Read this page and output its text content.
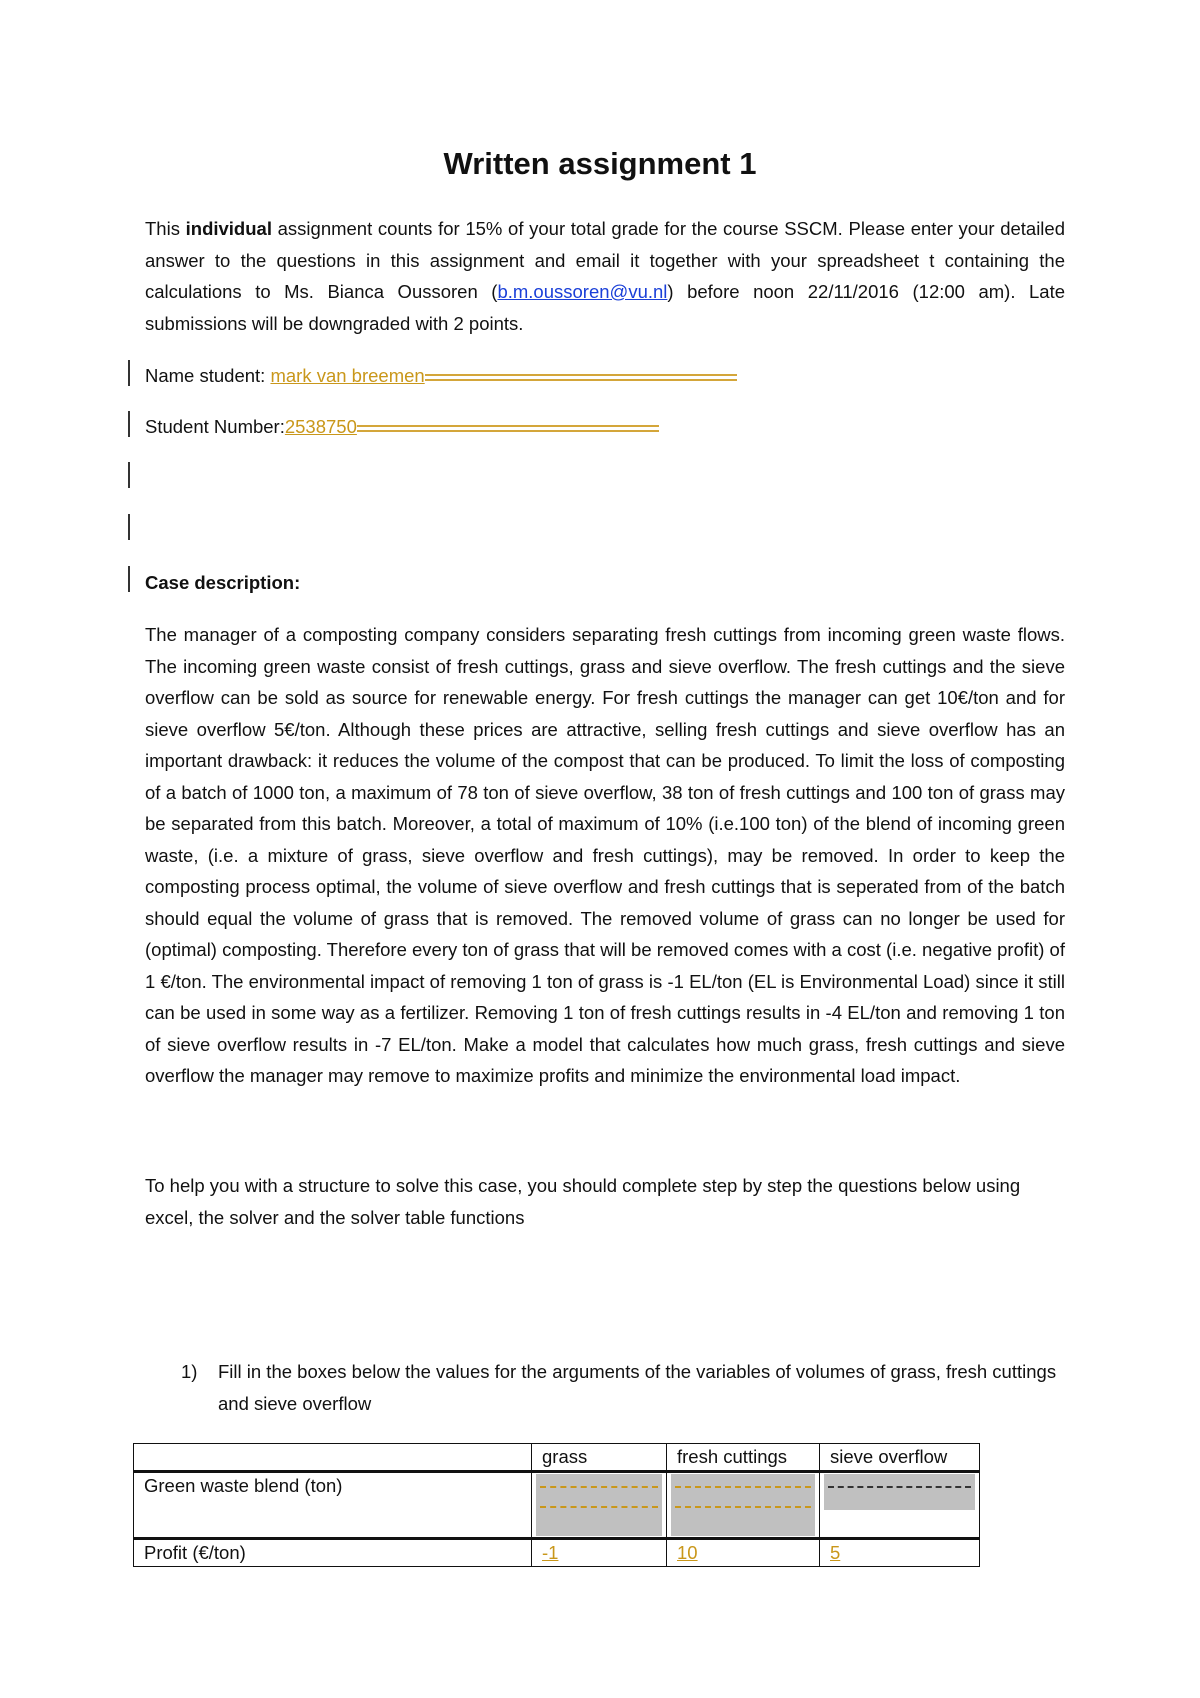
Written assignment 1
This individual assignment counts for 15% of your total grade for the course SSCM. Please enter your detailed answer to the questions in this assignment and email it together with your spreadsheet t containing the calculations to Ms. Bianca Oussoren (b.m.oussoren@vu.nl) before noon 22/11/2016 (12:00 am). Late submissions will be downgraded with 2 points.
Name student: mark van breemen
Student Number:2538750
Case description:
The manager of a composting company considers separating fresh cuttings from incoming green waste flows. The incoming green waste consist of fresh cuttings, grass and sieve overflow. The fresh cuttings and the sieve overflow can be sold as source for renewable energy. For fresh cuttings the manager can get 10€/ton and for sieve overflow 5€/ton. Although these prices are attractive, selling fresh cuttings and sieve overflow has an important drawback: it reduces the volume of the compost that can be produced. To limit the loss of composting of a batch of 1000 ton, a maximum of 78 ton of sieve overflow, 38 ton of fresh cuttings and 100 ton of grass may be separated from this batch. Moreover, a total of maximum of 10% (i.e.100 ton) of the blend of incoming green waste, (i.e. a mixture of grass, sieve overflow and fresh cuttings), may be removed. In order to keep the composting process optimal, the volume of sieve overflow and fresh cuttings that is seperated from of the batch should equal the volume of grass that is removed. The removed volume of grass can no longer be used for (optimal) composting. Therefore every ton of grass that will be removed comes with a cost (i.e. negative profit) of 1 €/ton. The environmental impact of removing 1 ton of grass is -1 EL/ton (EL is Environmental Load) since it still can be used in some way as a fertilizer. Removing 1 ton of fresh cuttings results in -4 EL/ton and removing 1 ton of sieve overflow results in -7 EL/ton. Make a model that calculates how much grass, fresh cuttings and sieve overflow the manager may remove to maximize profits and minimize the environmental load impact.
To help you with a structure to solve this case, you should complete step by step the questions below using excel, the solver and the solver table functions
1) Fill in the boxes below the values for the arguments of the variables of volumes of grass, fresh cuttings and sieve overflow
	grass	fresh cuttings	sieve overflow
Green waste blend (ton)	

Profit (€/ton)	-1	10	5
